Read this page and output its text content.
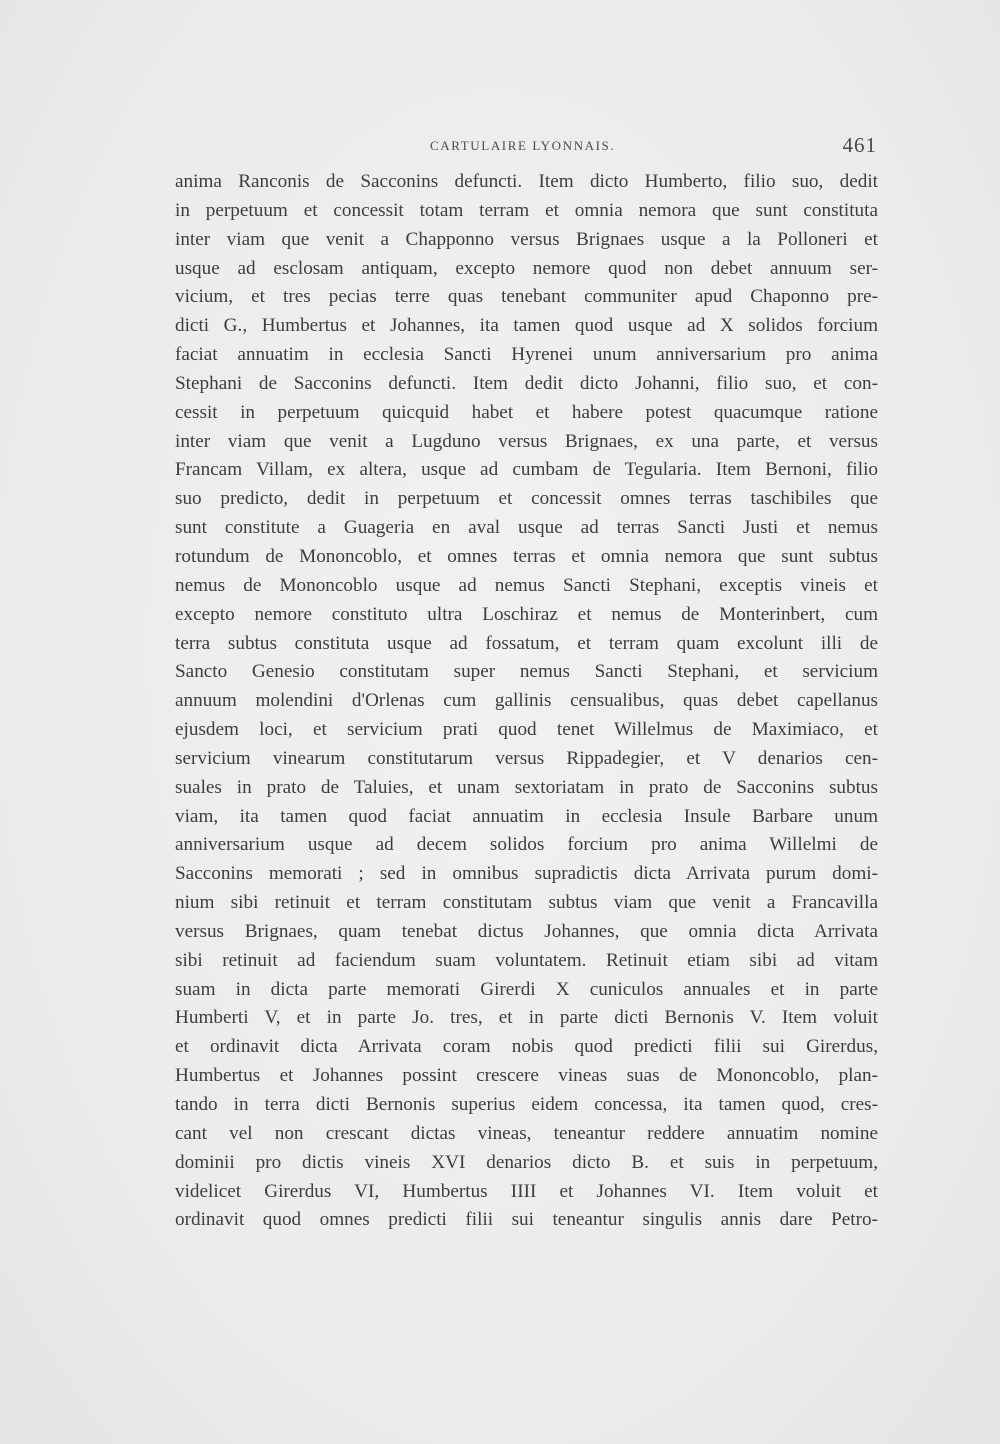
CARTULAIRE LYONNAIS.	461
anima Ranconis de Sacconins defuncti. Item dicto Humberto, filio suo, dedit
in perpetuum et concessit totam terram et omnia nemora que sunt constituta
inter viam que venit a Chapponno versus Brignaes usque a la Polloneri et
usque ad esclosam antiquam, excepto nemore quod non debet annuum ser-
vicium, et tres pecias terre quas tenebant communiter apud Chaponno pre-
dicti G., Humbertus et Johannes, ita tamen quod usque ad X solidos forcium
faciat annuatim in ecclesia Sancti Hyrenei unum anniversarium pro anima
Stephani de Sacconins defuncti. Item dedit dicto Johanni, filio suo, et con-
cessit in perpetuum quicquid habet et habere potest quacumque ratione
inter viam que venit a Lugduno versus Brignaes, ex una parte, et versus
Francam Villam, ex altera, usque ad cumbam de Tegularia. Item Bernoni, filio
suo predicto, dedit in perpetuum et concessit omnes terras taschibiles que
sunt constitute a Guageria en aval usque ad terras Sancti Justi et nemus
rotundum de Mononcoblo, et omnes terras et omnia nemora que sunt subtus
nemus de Mononcoblo usque ad nemus Sancti Stephani, exceptis vineis et
excepto nemore constituto ultra Loschiraz et nemus de Monterinbert, cum
terra subtus constituta usque ad fossatum, et terram quam excolunt illi de
Sancto Genesio constitutam super nemus Sancti Stephani, et servicium
annuum molendini d'Orlenas cum gallinis censualibus, quas debet capellanus
ejusdem loci, et servicium prati quod tenet Willelmus de Maximiaco, et
servicium vinearum constitutarum versus Rippadegier, et V denarios cen-
suales in prato de Taluies, et unam sextoriatam in prato de Sacconins subtus
viam, ita tamen quod faciat annuatim in ecclesia Insule Barbare unum
anniversarium usque ad decem solidos forcium pro anima Willelmi de
Sacconins memorati ; sed in omnibus supradictis dicta Arrivata purum domi-
nium sibi retinuit et terram constitutam subtus viam que venit a Francavilla
versus Brignaes, quam tenebat dictus Johannes, que omnia dicta Arrivata
sibi retinuit ad faciendum suam voluntatem. Retinuit etiam sibi ad vitam
suam in dicta parte memorati Girerdi X cuniculos annuales et in parte
Humberti V, et in parte Jo. tres, et in parte dicti Bernonis V. Item voluit
et ordinavit dicta Arrivata coram nobis quod predicti filii sui Girerdus,
Humbertus et Johannes possint crescere vineas suas de Mononcoblo, plan-
tando in terra dicti Bernonis superius eidem concessa, ita tamen quod, cres-
cant vel non crescant dictas vineas, teneantur reddere annuatim nomine
dominii pro dictis vineis XVI denarios dicto B. et suis in perpetuum,
videlicet Girerdus VI, Humbertus IIII et Johannes VI. Item voluit et
ordinavit quod omnes predicti filii sui teneantur singulis annis dare Petro-
